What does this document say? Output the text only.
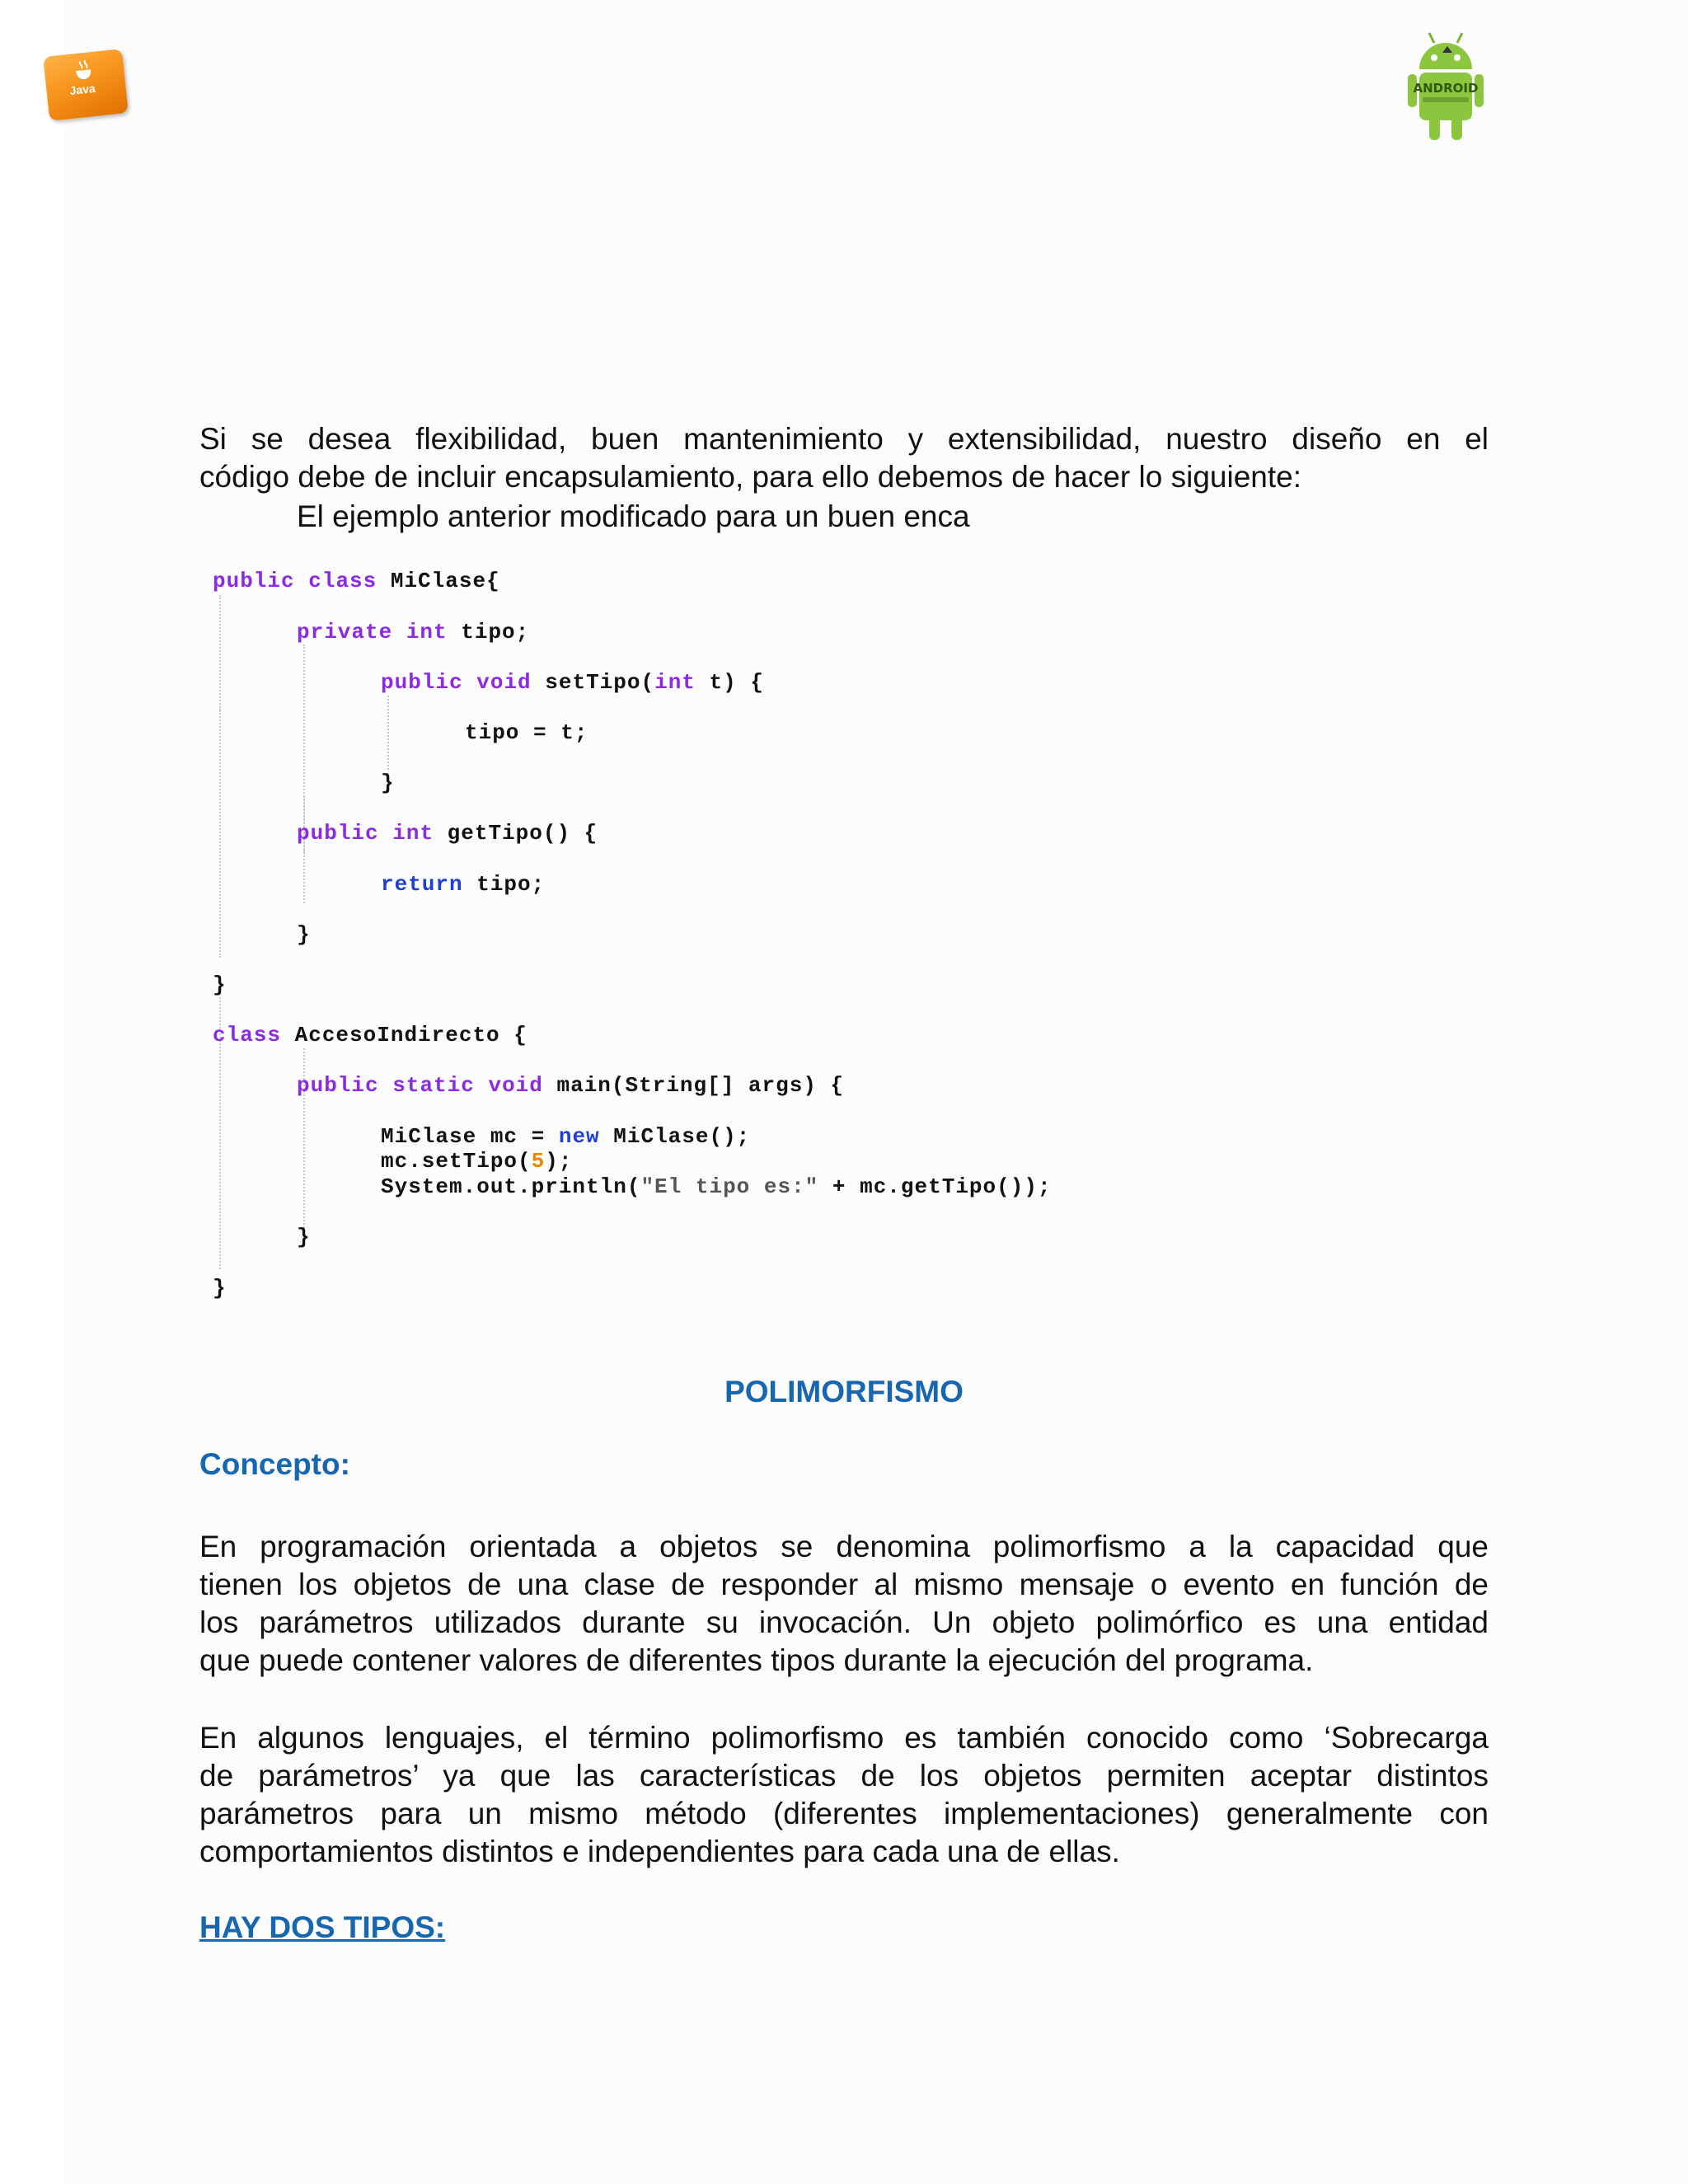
Java	ANDROID
Si se desea flexibilidad, buen mantenimiento y extensibilidad, nuestro diseño en el
código debe de incluir encapsulamiento, para ello debemos de hacer lo siguiente:
El ejemplo anterior modificado para un buen enca
public class MiClase{
private int tipo;
public void setTipo(int t) {
tipo = t;
}
public int getTipo() {
return tipo;
}
}
class AccesoIndirecto {
public static void main(String[] args) {
MiClase mc = new MiClase();
mc.setTipo(5);
System.out.println("El tipo es:" + mc.getTipo());
}
}
POLIMORFISMO
Concepto:
En programación orientada a objetos se denomina polimorfismo a la capacidad que
tienen los objetos de una clase de responder al mismo mensaje o evento en función de
los parámetros utilizados durante su invocación. Un objeto polimórfico es una entidad
que puede contener valores de diferentes tipos durante la ejecución del programa.
En algunos lenguajes, el término polimorfismo es también conocido como ‘Sobrecarga
de parámetros’ ya que las características de los objetos permiten aceptar distintos
parámetros para un mismo método (diferentes implementaciones) generalmente con
comportamientos distintos e independientes para cada una de ellas.
HAY DOS TIPOS:
